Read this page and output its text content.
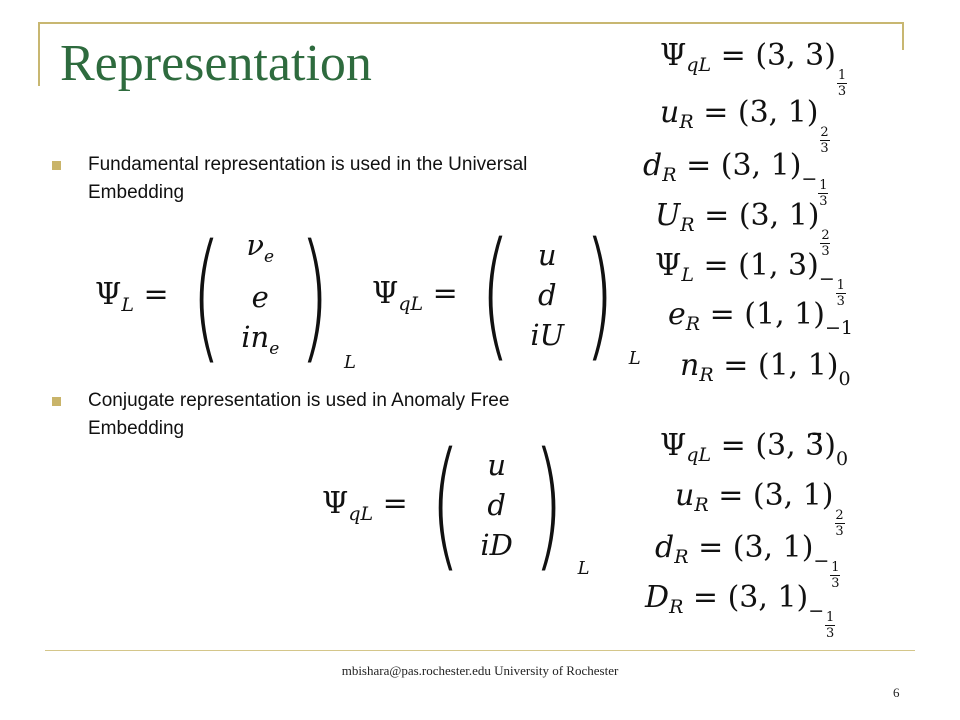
Representation
Fundamental representation is used in the Universal Embedding
Conjugate representation is used in Anomaly Free Embedding
$\Psi_L$ = ( $\nu_e$
e
$in_e$ ) L
$\Psi_{qL}$ = ( u
d
iU ) L
$\Psi_{qL}$ = ( u
d
iD ) L
$\Psi_{qL} = (3$, 3)
$\frac{1}{3}$
$u_R = (3$, 1)
$\frac{2}{3}$
$d_R = (3$, $1)_- \frac{1}{3}$
$U_R = (3$, 1)
$\frac{2}{3}$
$\Psi_L = (1$, $3)_- \frac{1}{3}$
$e_R = (1$, $1)_{-1}$
$n_R = (1$, $1)_0$
$\Psi_{qL} = (3$, $3̄)_0$
$u_R = (3$, 1)
$\frac{2}{3}$
$d_R = (3$, $1)_- \frac{1}{3}$
$D_R = (3$, $1)_- \frac{1}{3}$
mbishara@pas.rochester.edu University of Rochester
6
